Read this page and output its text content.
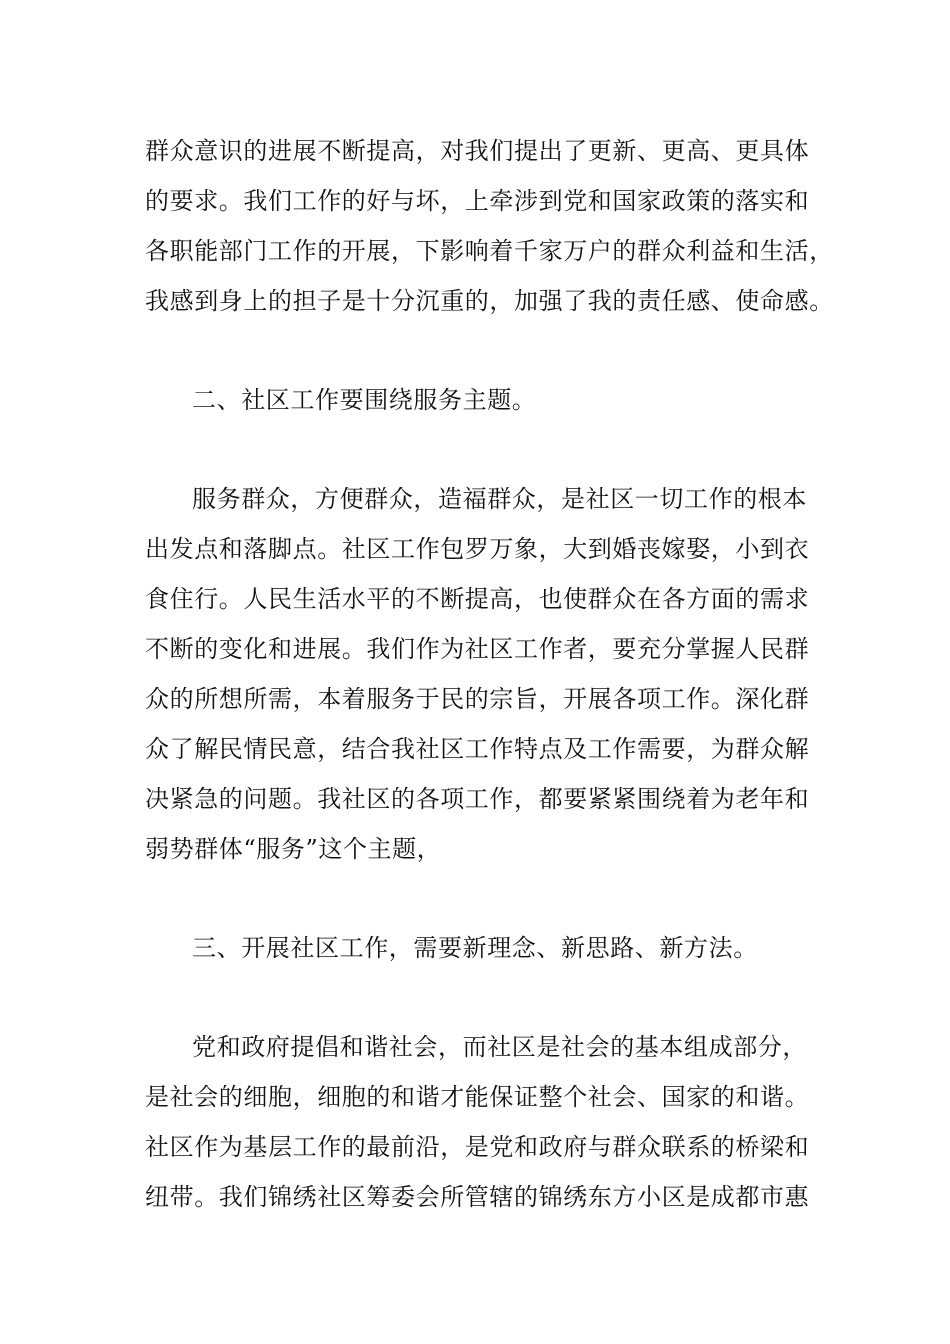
群众意识的进展不断提高，对我们提出了更新、更高、更具体
的要求。我们工作的好与坏，上牵涉到党和国家政策的落实和
各职能部门工作的开展，下影响着千家万户的群众利益和生活，
我感到身上的担子是十分沉重的，加强了我的责任感、使命感。
二、社区工作要围绕服务主题。
服务群众，方便群众，造福群众，是社区一切工作的根本
出发点和落脚点。社区工作包罗万象，大到婚丧嫁娶，小到衣
食住行。人民生活水平的不断提高，也使群众在各方面的需求
不断的变化和进展。我们作为社区工作者，要充分掌握人民群
众的所想所需，本着服务于民的宗旨，开展各项工作。深化群
众了解民情民意，结合我社区工作特点及工作需要，为群众解
决紧急的问题。我社区的各项工作，都要紧紧围绕着为老年和
弱势群体“服务”这个主题，
三、开展社区工作，需要新理念、新思路、新方法。
党和政府提倡和谐社会，而社区是社会的基本组成部分，
是社会的细胞，细胞的和谐才能保证整个社会、国家的和谐。
社区作为基层工作的最前沿，是党和政府与群众联系的桥梁和
纽带。我们锦绣社区筹委会所管辖的锦绣东方小区是成都市惠
